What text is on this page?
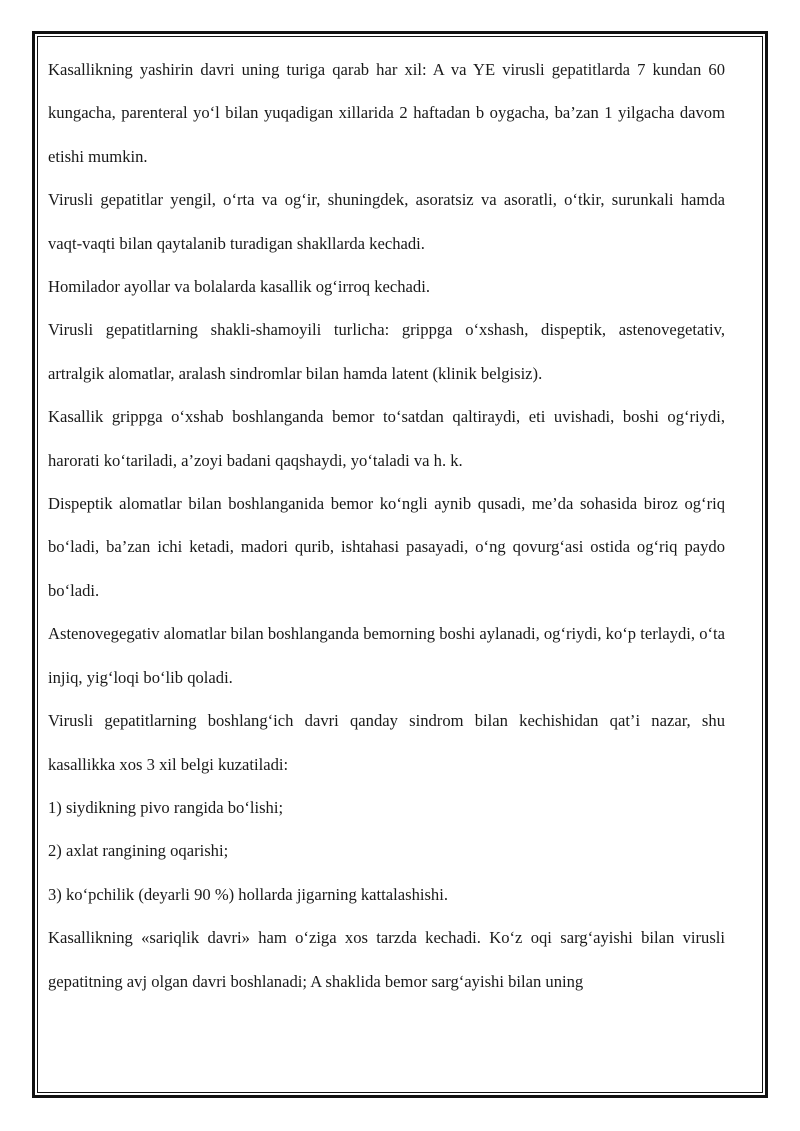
Kasallikning yashirin davri uning turiga qarab har xil: A va YE virusli gepatitlarda 7 kundan 60 kungacha, parenteral yo‘l bilan yuqadigan xillarida 2 haftadan b oygacha, ba’zan 1 yilgacha davom etishi mumkin.

Virusli gepatitlar yengil, o‘rta va og‘ir, shuningdek, asoratsiz va asoratli, o‘tkir, surunkali hamda vaqt-vaqti bilan qaytalanib turadigan shakllarda kechadi.

Homilador ayollar va bolalarda kasallik og‘irroq kechadi.

Virusli gepatitlarning shakli-shamoyili turlicha: grippga o‘xshash, dispeptik, astenovegetativ, artralgik alomatlar, aralash sindromlar bilan hamda latent (klinik belgisiz).

Kasallik grippga o‘xshab boshlanganda bemor to‘satdan qaltiraydi, eti uvishadi, boshi og‘riydi, harorati ko‘tariladi, a’zoyi badani qaqshaydi, yo‘taladi va h. k.

Dispeptik alomatlar bilan boshlanganida bemor ko‘ngli aynib qusadi, me’da sohasida biroz og‘riq bo‘ladi, ba’zan ichi ketadi, madori qurib, ishtahasi pasayadi, o‘ng qovurg‘asi ostida og‘riq paydo bo‘ladi.

Astenovegegativ alomatlar bilan boshlanganda bemorning boshi aylanadi, og‘riydi, ko‘p terlaydi, o‘ta injiq, yig‘loqi bo‘lib qoladi.

Virusli gepatitlarning boshlang‘ich davri qanday sindrom bilan kechishidan qat’i nazar, shu kasallikka xos 3 xil belgi kuzatiladi:

1) siydikning pivo rangida bo‘lishi;

2) axlat rangining oqarishi;

3) ko‘pchilik (deyarli 90 %) hollarda jigarning kattalashishi.

Kasallikning «sariqlik davri» ham o‘ziga xos tarzda kechadi. Ko‘z oqi sarg‘ayishi bilan virusli gepatitning avj olgan davri boshlanadi; A shaklida bemor sarg‘ayishi bilan uning
